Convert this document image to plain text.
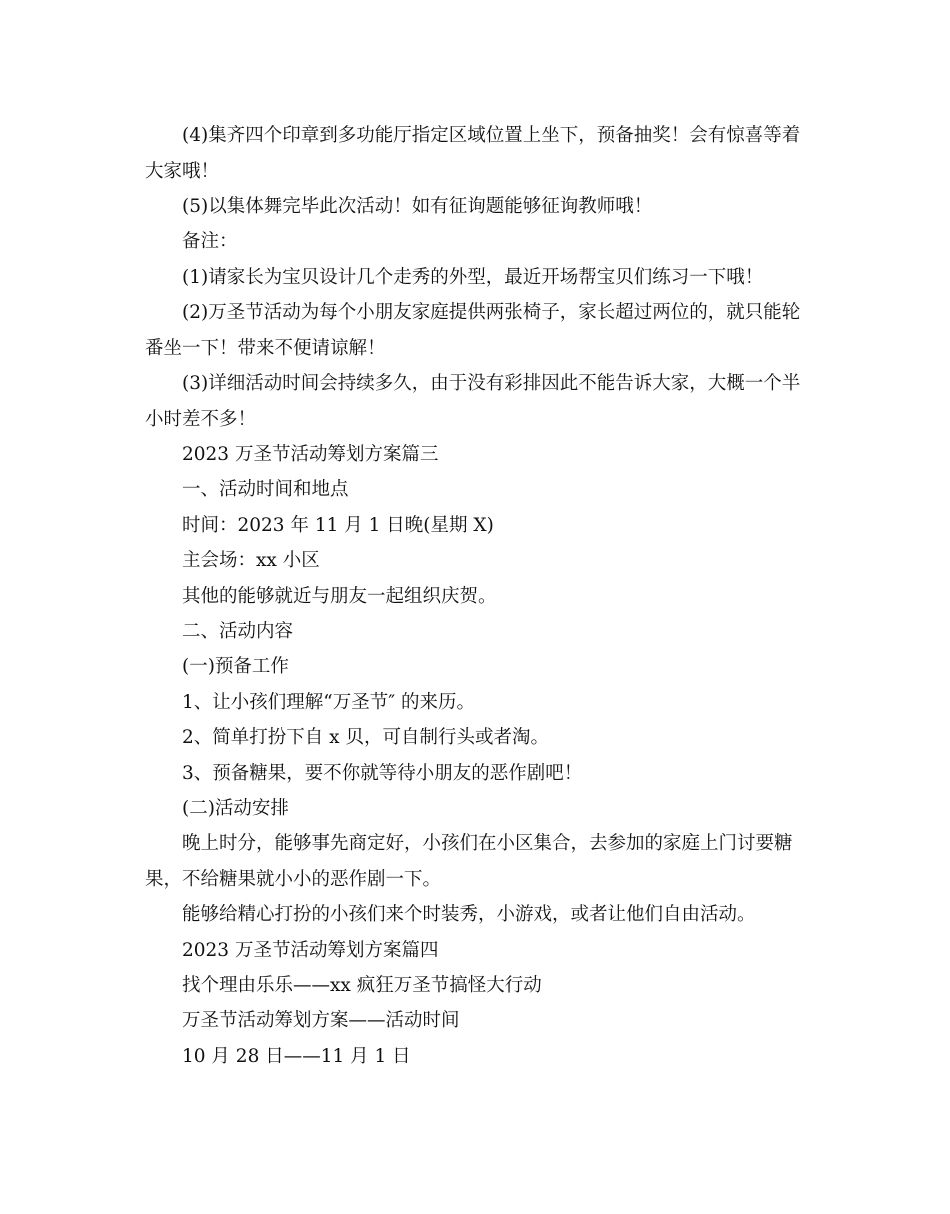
(4)集齐四个印章到多功能厅指定区域位置上坐下，预备抽奖！会有惊喜等着
大家哦！
(5)以集体舞完毕此次活动！如有征询题能够征询教师哦！
备注：
(1)请家长为宝贝设计几个走秀的外型，最近开场帮宝贝们练习一下哦！
(2)万圣节活动为每个小朋友家庭提供两张椅子，家长超过两位的，就只能轮
番坐一下！带来不便请谅解！
(3)详细活动时间会持续多久，由于没有彩排因此不能告诉大家，大概一个半
小时差不多！
2023 万圣节活动筹划方案篇三
一、活动时间和地点
时间：2023 年 11 月 1 日晚(星期 X)
主会场：xx 小区
其他的能够就近与朋友一起组织庆贺。
二、活动内容
(一)预备工作
1、让小孩们理解“万圣节″ 的来历。
2、简单打扮下自 x 贝，可自制行头或者淘。
3、预备糖果，要不你就等待小朋友的恶作剧吧！
(二)活动安排
晚上时分，能够事先商定好，小孩们在小区集合，去参加的家庭上门讨要糖
果，不给糖果就小小的恶作剧一下。
能够给精心打扮的小孩们来个时装秀，小游戏，或者让他们自由活动。
2023 万圣节活动筹划方案篇四
找个理由乐乐——xx 疯狂万圣节搞怪大行动
万圣节活动筹划方案——活动时间
10 月 28 日——11 月 1 日
